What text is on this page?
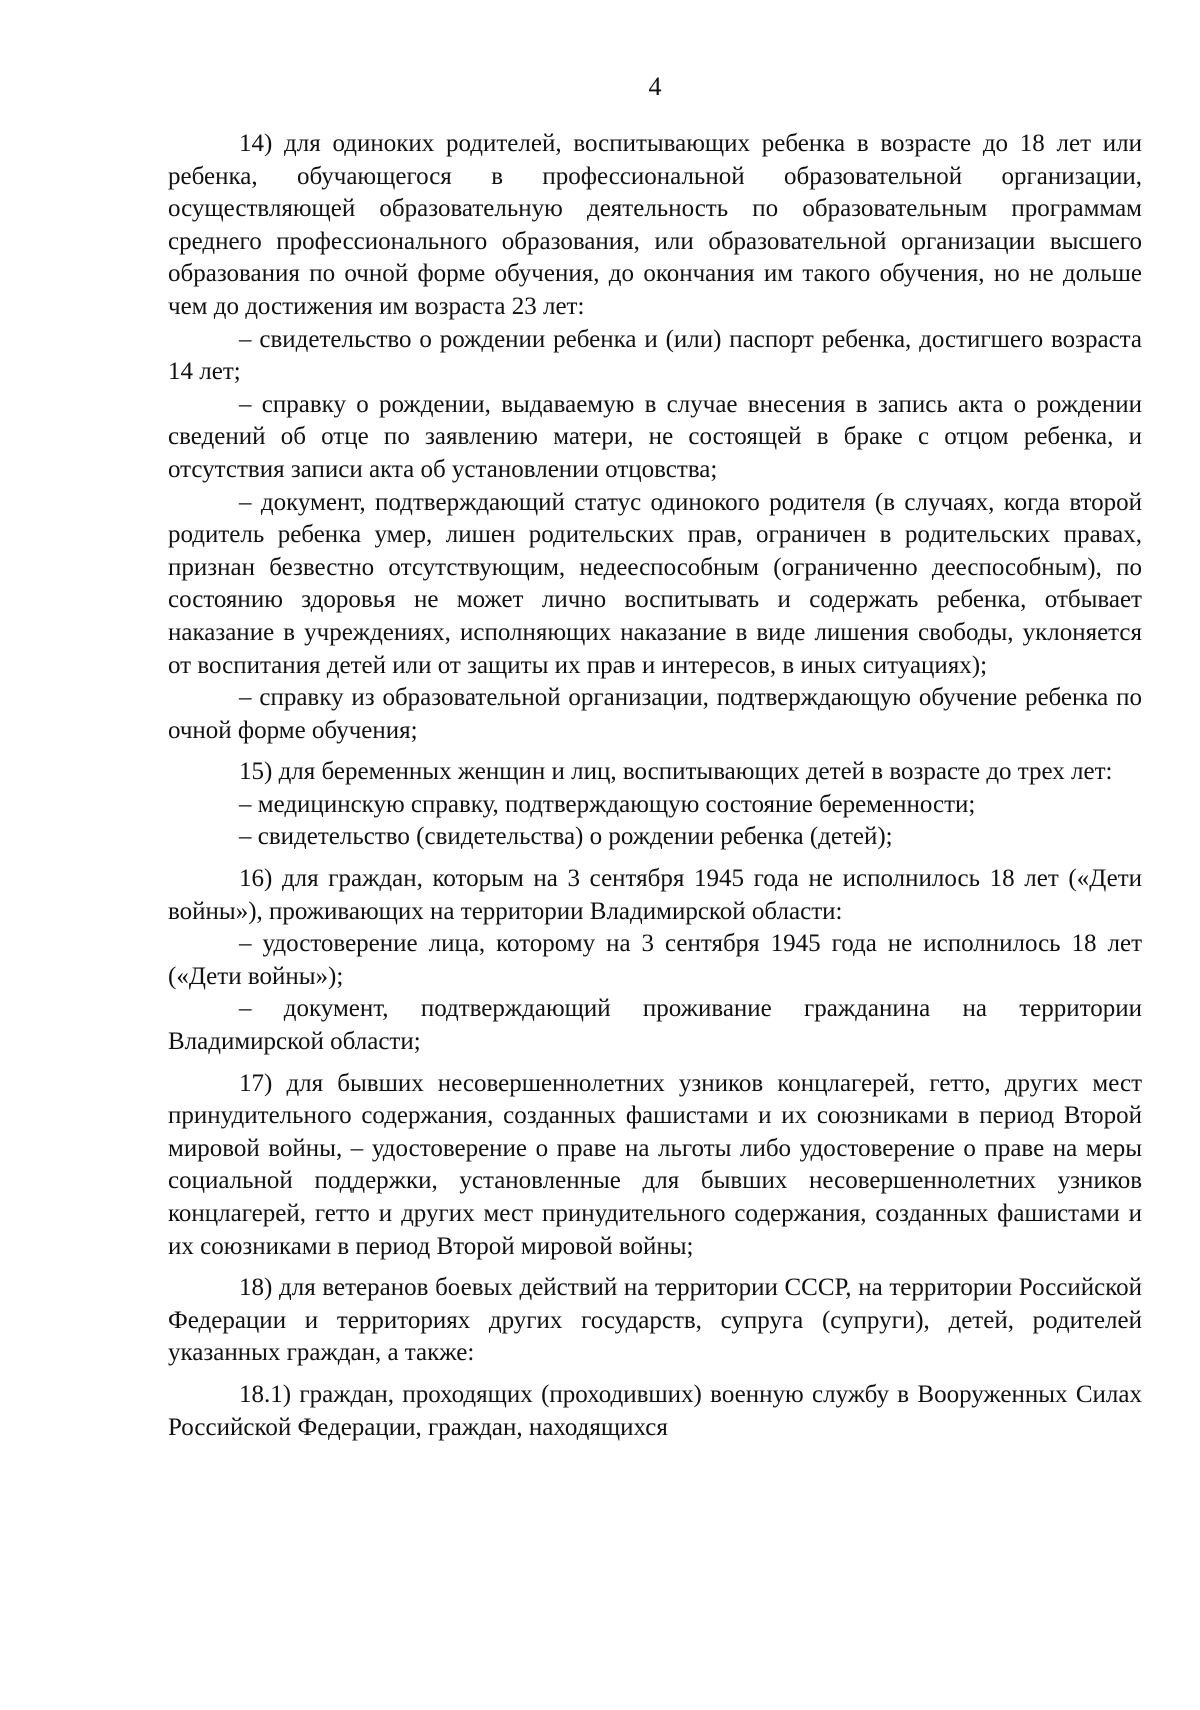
4

14) для одиноких родителей, воспитывающих ребенка в возрасте до 18 лет или ребенка, обучающегося в профессиональной образовательной организации, осуществляющей образовательную деятельность по образовательным программам среднего профессионального образования, или образовательной организации высшего образования по очной форме обучения, до окончания им такого обучения, но не дольше чем до достижения им возраста 23 лет:

– свидетельство о рождении ребенка и (или) паспорт ребенка, достигшего возраста 14 лет;

– справку о рождении, выдаваемую в случае внесения в запись акта о рождении сведений об отце по заявлению матери, не состоящей в браке с отцом ребенка, и отсутствия записи акта об установлении отцовства;

– документ, подтверждающий статус одинокого родителя (в случаях, когда второй родитель ребенка умер, лишен родительских прав, ограничен в родительских правах, признан безвестно отсутствующим, недееспособным (ограниченно дееспособным), по состоянию здоровья не может лично воспитывать и содержать ребенка, отбывает наказание в учреждениях, исполняющих наказание в виде лишения свободы, уклоняется от воспитания детей или от защиты их прав и интересов, в иных ситуациях);

– справку из образовательной организации, подтверждающую обучение ребенка по очной форме обучения;

15) для беременных женщин и лиц, воспитывающих детей в возрасте до трех лет:

– медицинскую справку, подтверждающую состояние беременности;

– свидетельство (свидетельства) о рождении ребенка (детей);

16) для граждан, которым на 3 сентября 1945 года не исполнилось 18 лет («Дети войны»), проживающих на территории Владимирской области:

– удостоверение лица, которому на 3 сентября 1945 года не исполнилось 18 лет («Дети войны»);

– документ, подтверждающий проживание гражданина на территории Владимирской области;

17) для бывших несовершеннолетних узников концлагерей, гетто, других мест принудительного содержания, созданных фашистами и их союзниками в период Второй мировой войны, – удостоверение о праве на льготы либо удостоверение о праве на меры социальной поддержки, установленные для бывших несовершеннолетних узников концлагерей, гетто и других мест принудительного содержания, созданных фашистами и их союзниками в период Второй мировой войны;

18) для ветеранов боевых действий на территории СССР, на территории Российской Федерации и территориях других государств, супруга (супруги), детей, родителей указанных граждан, а также:

18.1) граждан, проходящих (проходивших) военную службу в Вооруженных Силах Российской Федерации, граждан, находящихся
